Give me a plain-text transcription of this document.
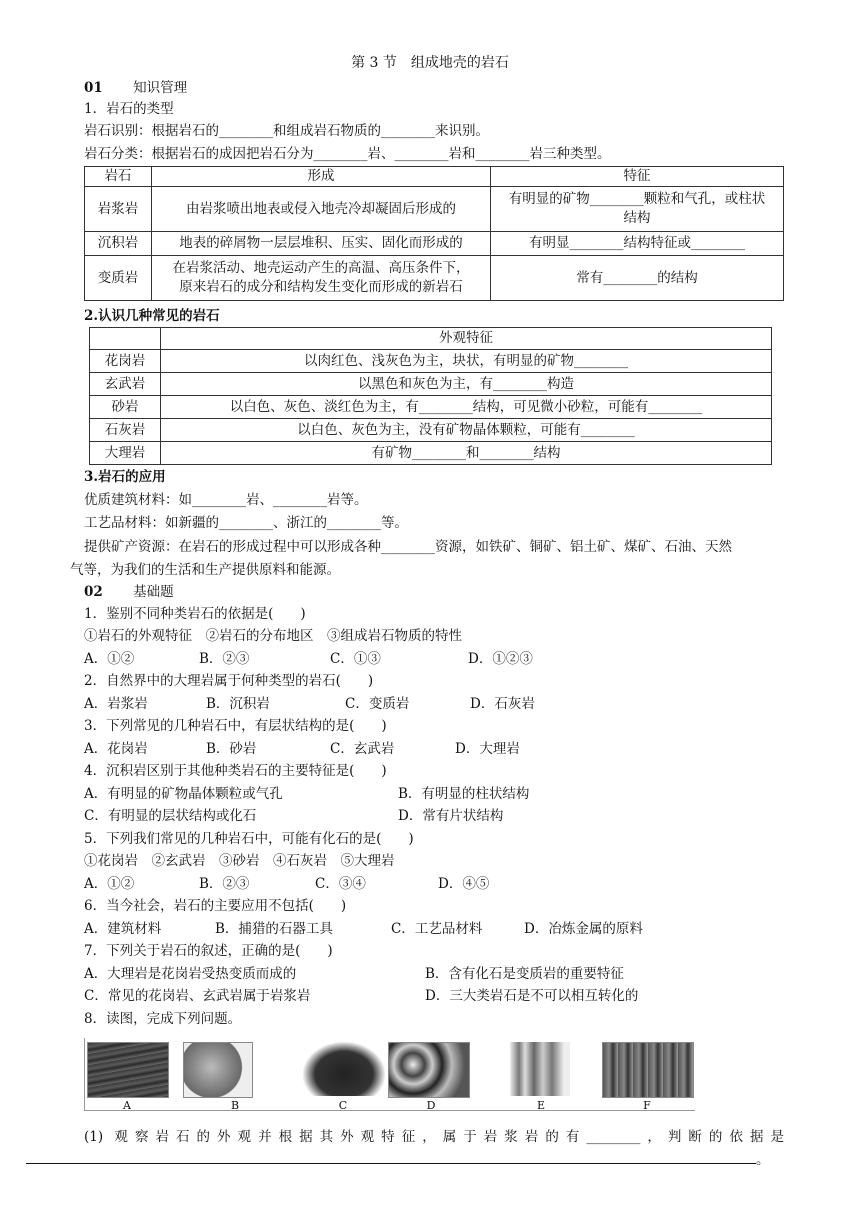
第 3 节　组成地壳的岩石
01 知识管理
1．岩石的类型
岩石识别：根据岩石的________和组成岩石物质的________来识别。
岩石分类：根据岩石的成因把岩石分为________岩、________岩和________岩三种类型。
岩石	形成	特征
岩浆岩	由岩浆喷出地表或侵入地壳冷却凝固后形成的	有明显的矿物________颗粒和气孔，或柱状
结构

沉积岩	地表的碎屑物一层层堆积、压实、固化而形成的	有明显________结构特征或________
变质岩	在岩浆活动、地壳运动产生的高温、高压条件下，
原来岩石的成分和结构发生变化而形成的新岩石	常有________的结构
2.认识几种常见的岩石
	外观特征
花岗岩	以肉红色、浅灰色为主，块状，有明显的矿物________
玄武岩	以黑色和灰色为主，有________构造
砂岩	以白色、灰色、淡红色为主，有________结构，可见微小砂粒，可能有________
石灰岩	以白色、灰色为主，没有矿物晶体颗粒，可能有________
大理岩	有矿物________和________结构
3.岩石的应用
优质建筑材料：如________岩、________岩等。
工艺品材料：如新疆的________、浙江的________等。
提供矿产资源：在岩石的形成过程中可以形成各种________资源，如铁矿、铜矿、铝土矿、煤矿、石油、天然
气等，为我们的生活和生产提供原料和能源。
02 基础题
1．鉴别不同种类岩石的依据是(　　)
①岩石的外观特征　②岩石的分布地区　③组成岩石物质的特性
A．①②	B．②③	C．①③	D．①②③
2．自然界中的大理岩属于何种类型的岩石(　　)
A．岩浆岩	B．沉积岩	C．变质岩	D．石灰岩
3．下列常见的几种岩石中，有层状结构的是(　　)
A．花岗岩	B．砂岩	C．玄武岩	D．大理岩
4．沉积岩区别于其他种类岩石的主要特征是(　　)
A．有明显的矿物晶体颗粒或气孔	B．有明显的柱状结构
C．有明显的层状结构或化石	D．常有片状结构
5．下列我们常见的几种岩石中，可能有化石的是(　　)
①花岗岩　②玄武岩　③砂岩　④石灰岩　⑤大理岩
A．①②	B．②③	C．③④	D．④⑤
6．当今社会，岩石的主要应用不包括(　　)
A．建筑材料	B．捕猎的石器工具	C．工艺品材料	D．冶炼金属的原料
7．下列关于岩石的叙述，正确的是(　　)
A．大理岩是花岗岩受热变质而成的	B．含有化石是变质岩的重要特征
C．常见的花岗岩、玄武岩属于岩浆岩	D．三大类岩石是不可以相互转化的
8．读图，完成下列问题。
A	B	C	D	E	F
(1) 观察岩石的外观并根据其外观特征，属于岩浆岩的有________，判断的依据是
。
